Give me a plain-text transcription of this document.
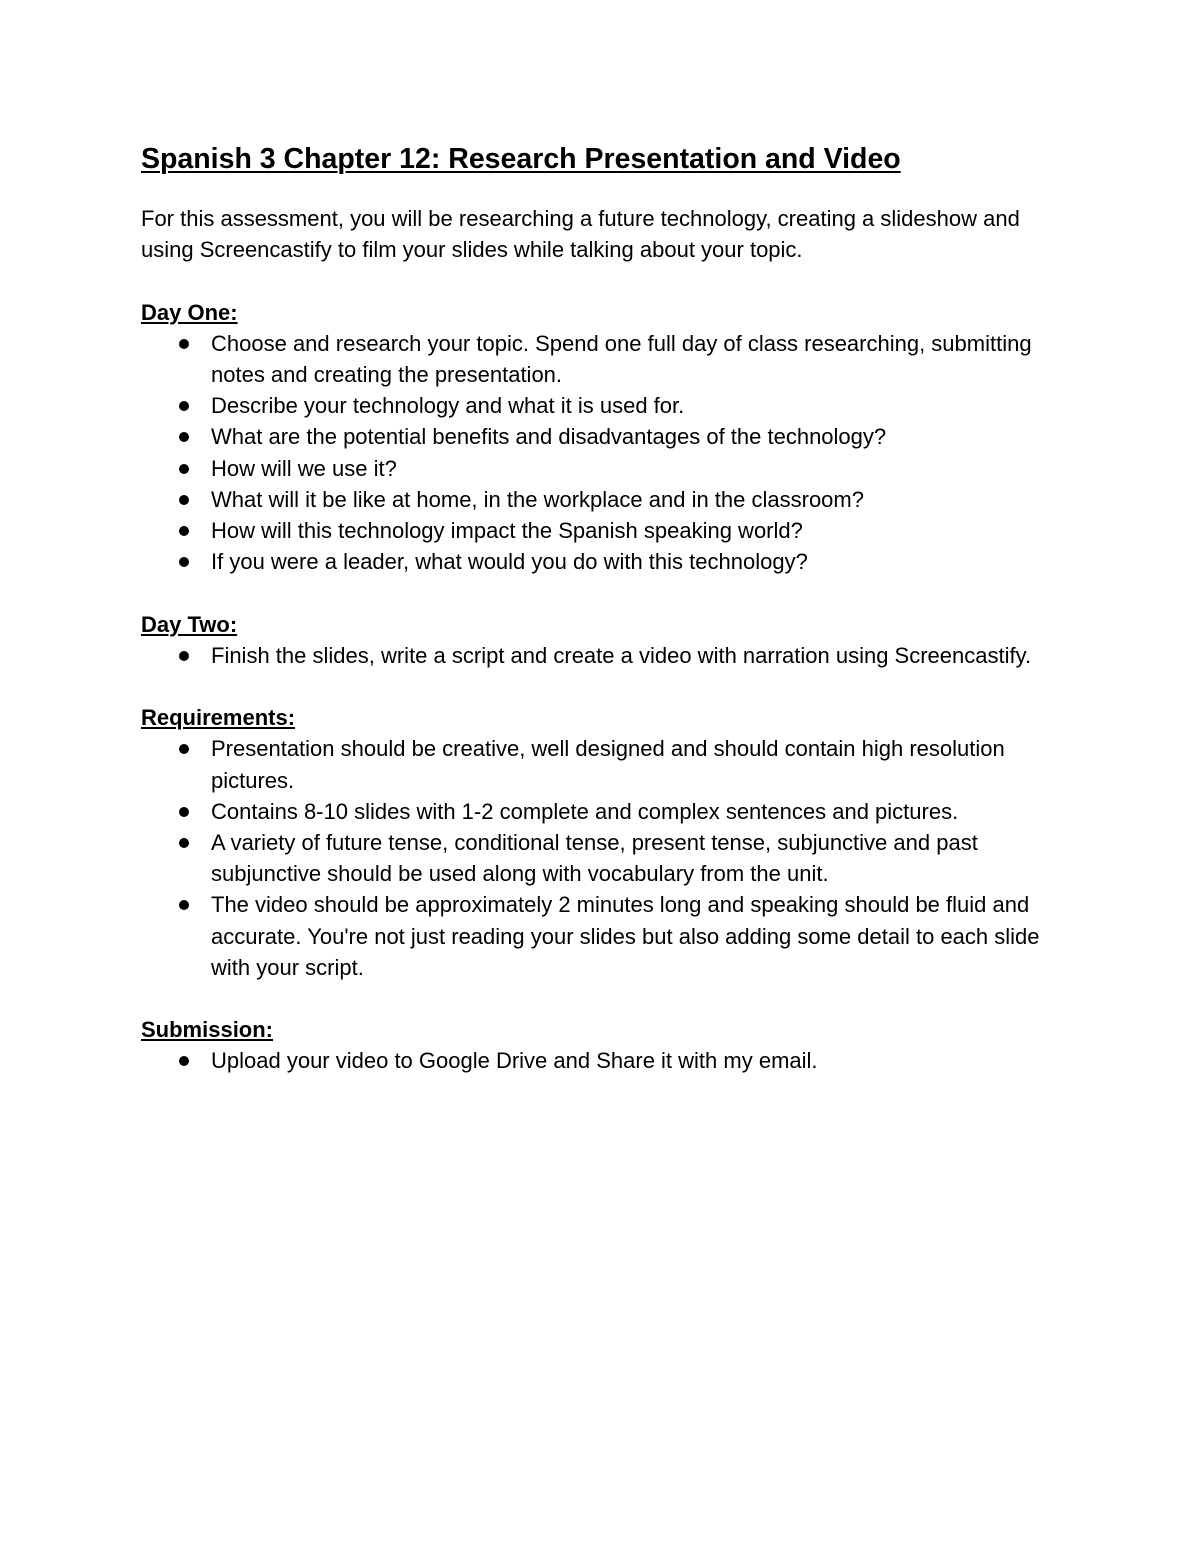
Spanish 3 Chapter 12: Research Presentation and Video

For this assessment, you will be researching a future technology, creating a slideshow and using Screencastify to film your slides while talking about your topic.

Day One:
Choose and research your topic. Spend one full day of class researching, submitting notes and creating the presentation.
Describe your technology and what it is used for.
What are the potential benefits and disadvantages of the technology?
How will we use it?
What will it be like at home, in the workplace and in the classroom?
How will this technology impact the Spanish speaking world?
If you were a leader, what would you do with this technology?
Day Two:
Finish the slides, write a script and create a video with narration using Screencastify.
Requirements:
Presentation should be creative, well designed and should contain high resolution pictures.
Contains 8-10 slides with 1-2 complete and complex sentences and pictures.
A variety of future tense, conditional tense, present tense, subjunctive and past subjunctive should be used along with vocabulary from the unit.
The video should be approximately 2 minutes long and speaking should be fluid and accurate. You're not just reading your slides but also adding some detail to each slide with your script.
Submission:
Upload your video to Google Drive and Share it with my email.
